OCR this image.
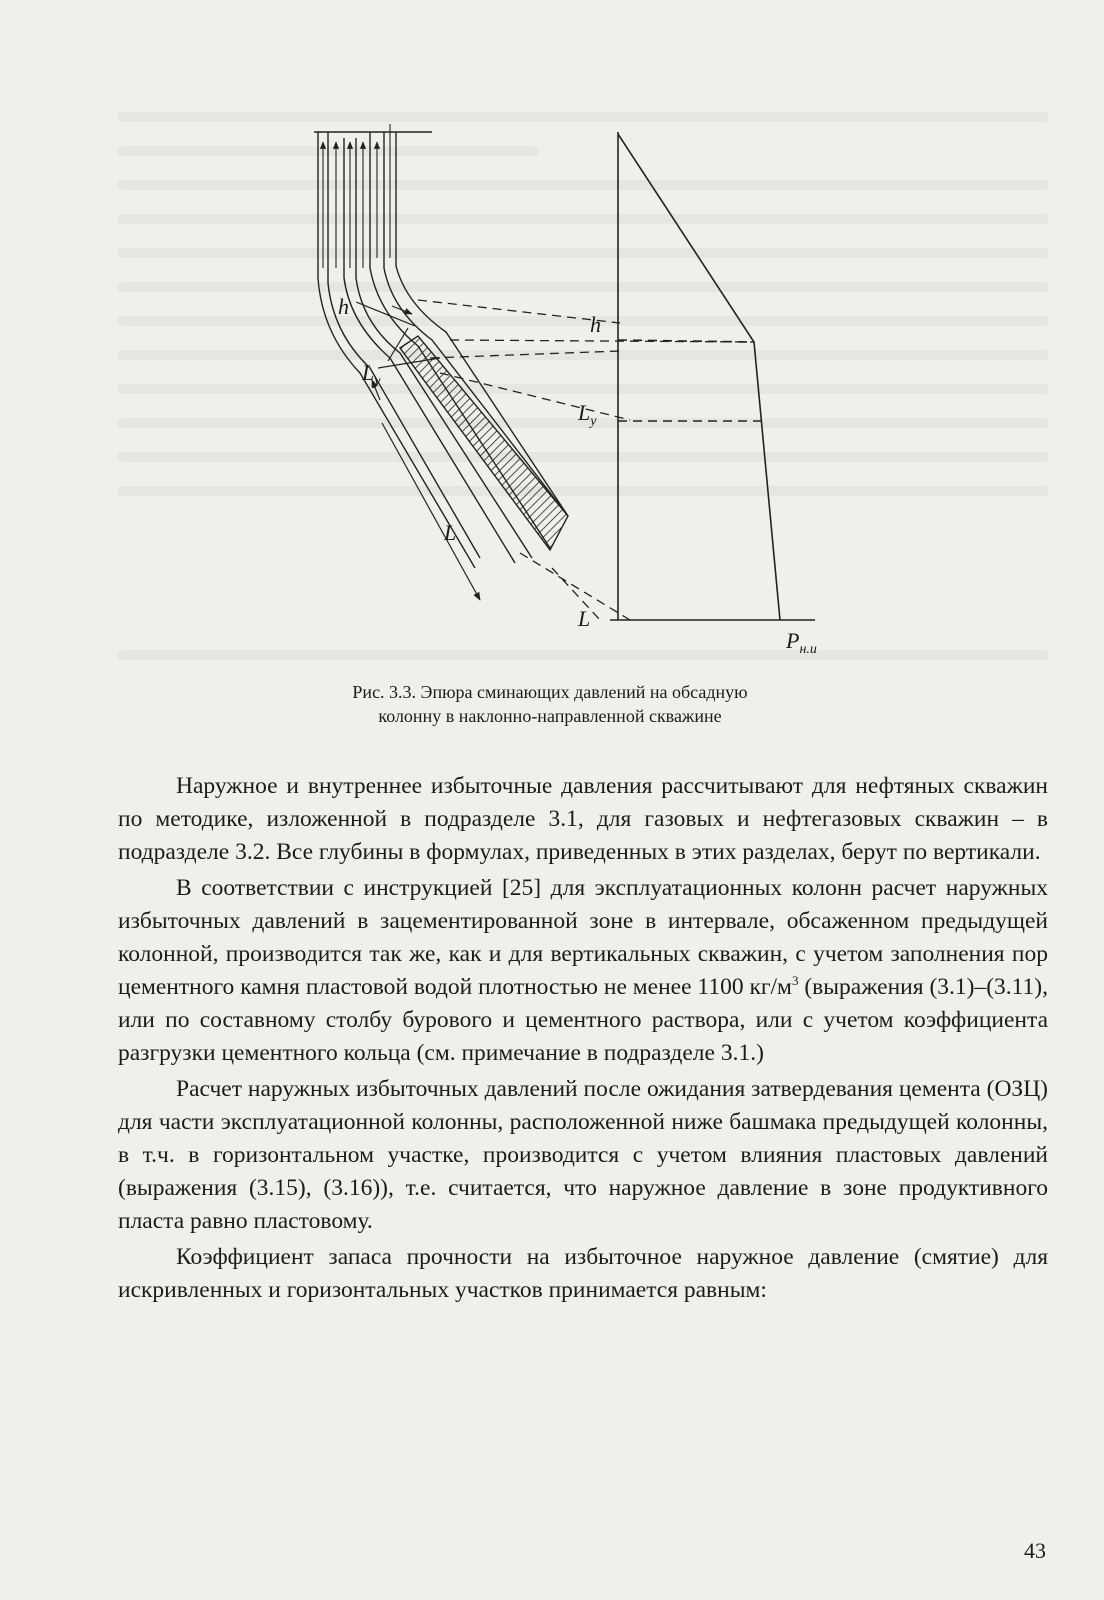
h
$L_у$
L
h
$L_у$
L
$P_{н.и}$
Рис. 3.3. Эпюра сминающих давлений на обсадную
колонну в наклонно-направленной скважине

Наружное и внутреннее избыточные давления рассчитывают для нефтяных скважин по методике, изложенной в подразделе 3.1, для газовых и нефтегазовых скважин – в подразделе 3.2. Все глубины в формулах, приведенных в этих разделах, берут по вертикали.

В соответствии с инструкцией [25] для эксплуатационных колонн расчет наружных избыточных давлений в зацементированной зоне в интервале, обсаженном предыдущей колонной, производится так же, как и для вертикальных скважин, с учетом заполнения пор цементного камня пластовой водой плотностью не менее 1100 $кг/м^3$ (выражения (3.1)–(3.11), или по составному столбу бурового и цементного раствора, или с учетом коэффициента разгрузки цементного кольца (см. примечание в подразделе 3.1.)

Расчет наружных избыточных давлений после ожидания затвердевания цемента (ОЗЦ) для части эксплуатационной колонны, расположенной ниже башмака предыдущей колонны, в т.ч. в горизонтальном участке, производится с учетом влияния пластовых давлений (выражения (3.15), (3.16)), т.е. считается, что наружное давление в зоне продуктивного пласта равно пластовому.

Коэффициент запаса прочности на избыточное наружное давление (смятие) для искривленных и горизонтальных участков принимается равным:

43
